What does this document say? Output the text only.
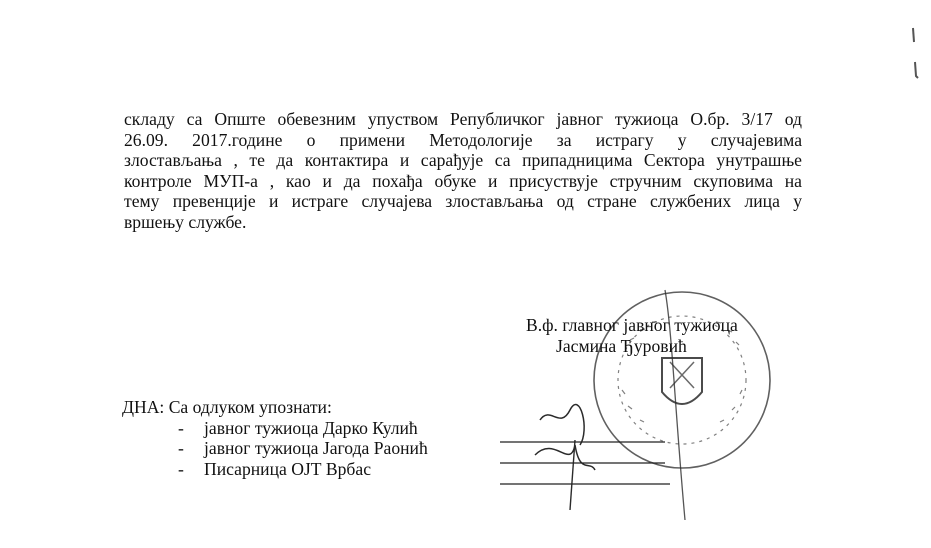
складу са Опште обевезним упуством Републичког јавног тужиоца О.бр. 3/17 од
26.09. 2017.године о примени Методологије за истрагу у случајевима
злостављања , те да контактира и сарађује са припадницима Сектора унутрашње
контроле МУП-а , као и да похађа обуке и присуствује стручним скуповима на
тему превенције и истраге случајева злостављања од стране службених лица у
вршењу службе.
В.ф. главног јавног тужиоца
Јасмина Ђуровић
ДНА: Са одлуком упознати:
-	јавног тужиоца Дарко Кулић
-	јавног тужиоца Јагода Раонић
-	Писарница ОЈТ Врбас
